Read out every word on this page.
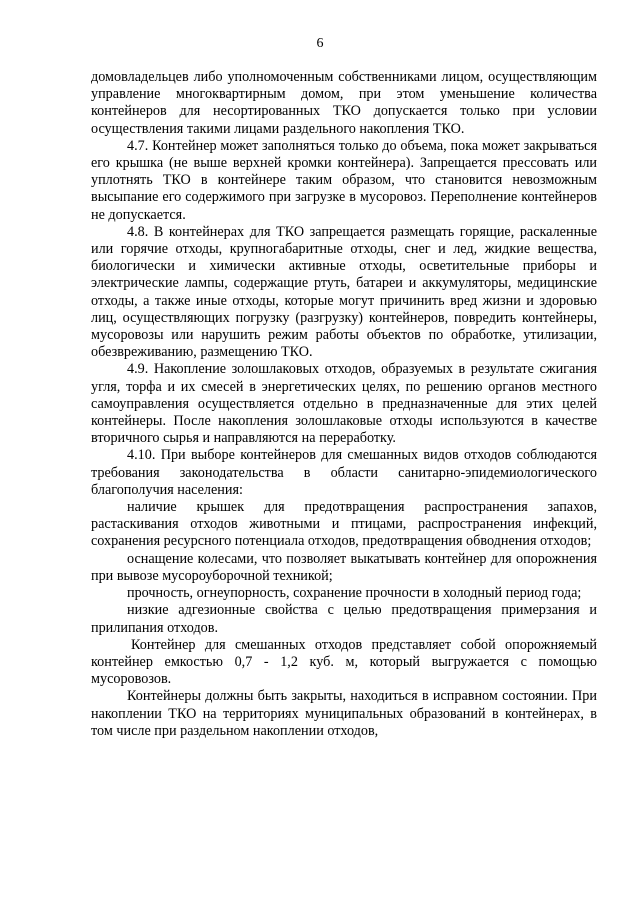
6

домовладельцев либо уполномоченным собственниками лицом, осуществляющим управление многоквартирным домом, при этом уменьшение количества контейнеров для несортированных ТКО допускается только при условии осуществления такими лицами раздельного накопления ТКО.

4.7. Контейнер может заполняться только до объема, пока может закрываться его крышка (не выше верхней кромки контейнера). Запрещается прессовать или уплотнять ТКО в контейнере таким образом, что становится невозможным высыпание его содержимого при загрузке в мусоровоз. Переполнение контейнеров не допускается.

4.8. В контейнерах для ТКО запрещается размещать горящие, раскаленные или горячие отходы, крупногабаритные отходы, снег и лед, жидкие вещества, биологически и химически активные отходы, осветительные приборы и электрические лампы, содержащие ртуть, батареи и аккумуляторы, медицинские отходы, а также иные отходы, которые могут причинить вред жизни и здоровью лиц, осуществляющих погрузку (разгрузку) контейнеров, повредить контейнеры, мусоровозы или нарушить режим работы объектов по обработке, утилизации, обезвреживанию, размещению ТКО.

4.9. Накопление золошлаковых отходов, образуемых в результате сжигания угля, торфа и их смесей в энергетических целях, по решению органов местного самоуправления осуществляется отдельно в предназначенные для этих целей контейнеры. После накопления золошлаковые отходы используются в качестве вторичного сырья и направляются на переработку.

4.10. При выборе контейнеров для смешанных видов отходов соблюдаются требования законодательства в области санитарно-эпидемиологического благополучия населения:

наличие крышек для предотвращения распространения запахов, растаскивания отходов животными и птицами, распространения инфекций, сохранения ресурсного потенциала отходов, предотвращения обводнения отходов;

оснащение колесами, что позволяет выкатывать контейнер для опорожнения при вывозе мусороуборочной техникой;

прочность, огнеупорность, сохранение прочности в холодный период года;

низкие адгезионные свойства с целью предотвращения примерзания и прилипания отходов.

Контейнер для смешанных отходов представляет собой опорожняемый контейнер емкостью 0,7 - 1,2 куб. м, который выгружается с помощью мусоровозов.

Контейнеры должны быть закрыты, находиться в исправном состоянии. При накоплении ТКО на территориях муниципальных образований в контейнерах, в том числе при раздельном накоплении отходов,
